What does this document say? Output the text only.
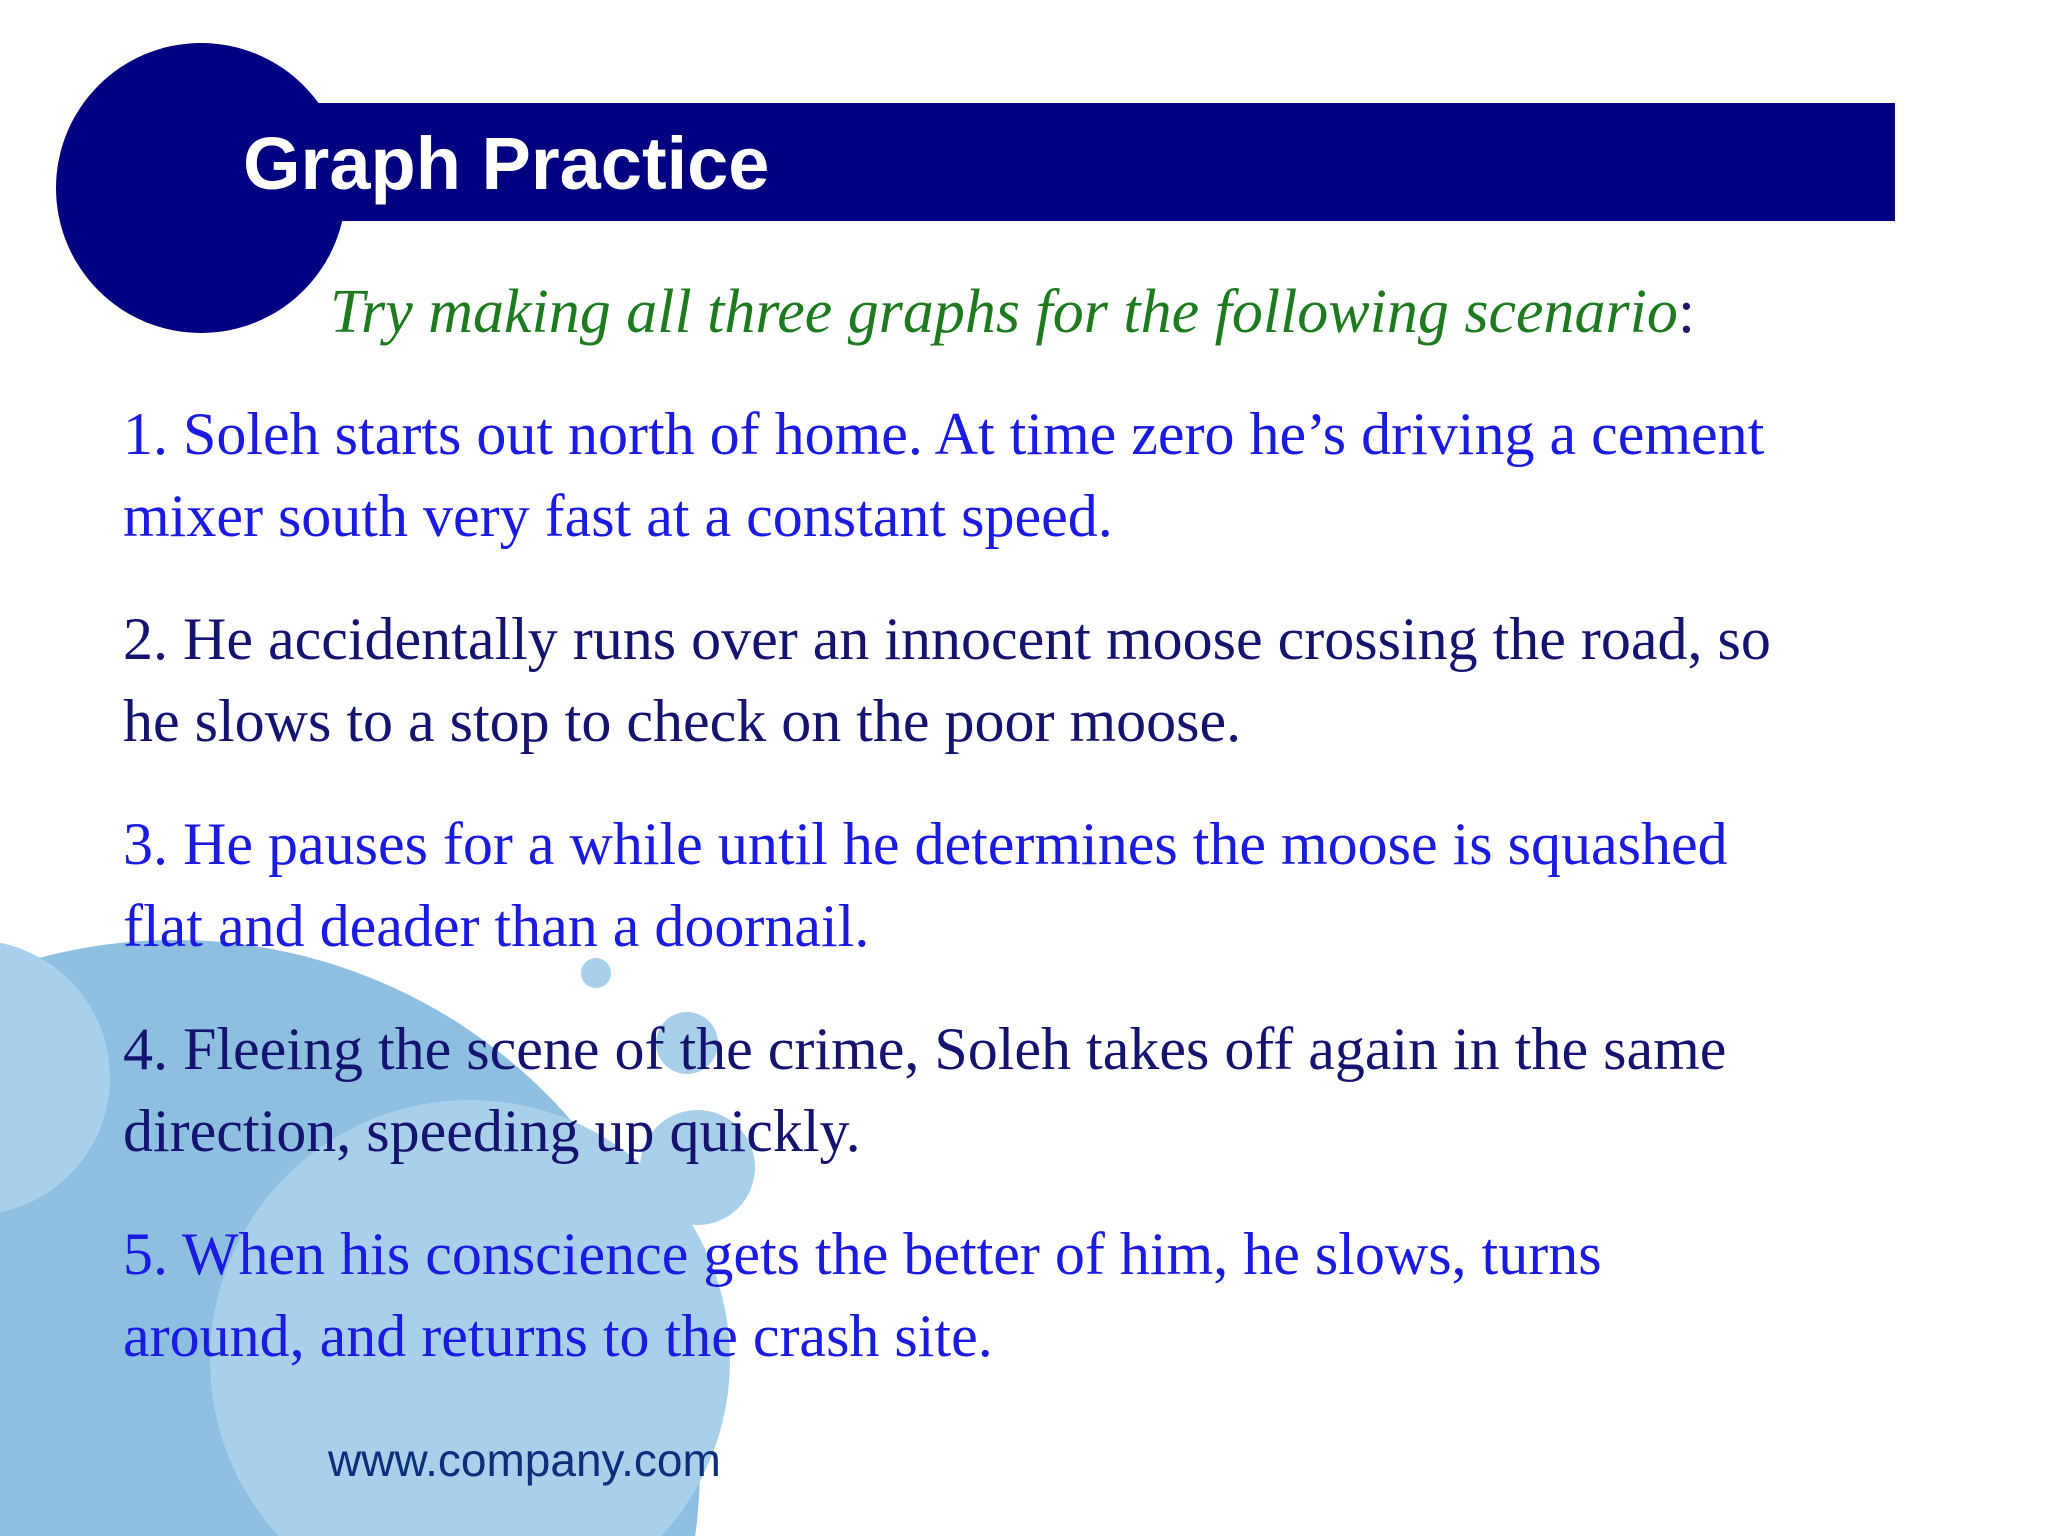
Graph Practice

Try making all three graphs for the following scenario:

1. Soleh starts out north of home. At time zero he’s driving a cement
mixer south very fast at a constant speed.
2. He accidentally runs over an innocent moose crossing the road, so
he slows to a stop to check on the poor moose.
3. He pauses for a while until he determines the moose is squashed
flat and deader than a doornail.
4. Fleeing the scene of the crime, Soleh takes off again in the same
direction, speeding up quickly.
5. When his conscience gets the better of him, he slows, turns
around, and returns to the crash site.

www.company.com
